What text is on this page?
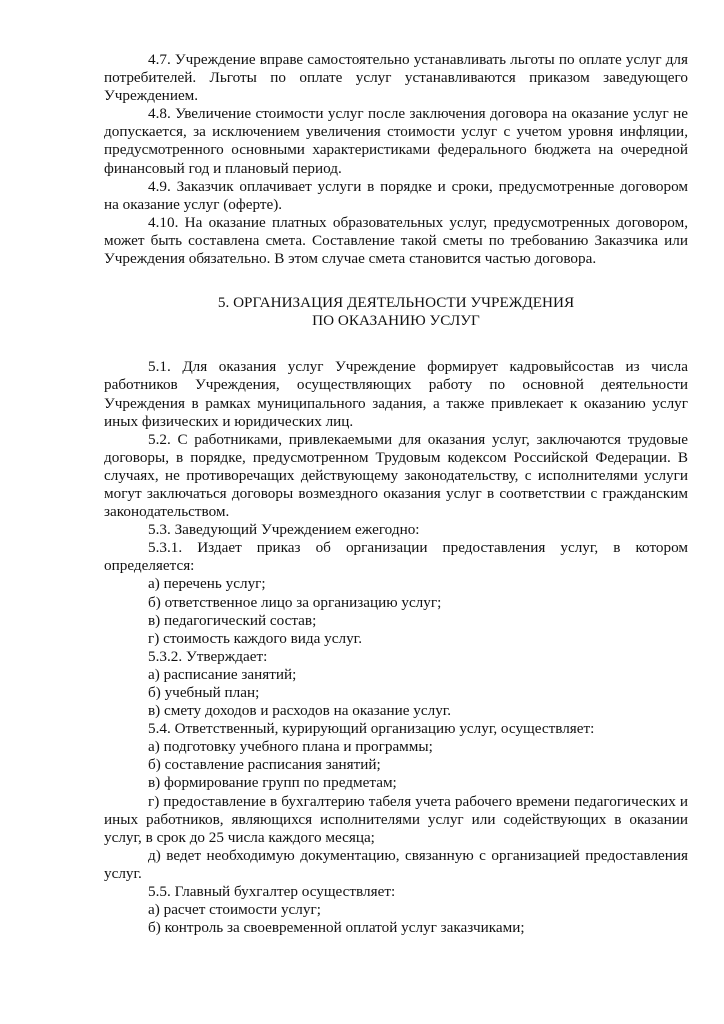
4.7. Учреждение вправе самостоятельно устанавливать льготы по оплате услуг для потребителей. Льготы по оплате услуг устанавливаются приказом заведующего Учреждением.

4.8. Увеличение стоимости услуг после заключения договора на оказание услуг не допускается, за исключением увеличения стоимости услуг с учетом уровня инфляции, предусмотренного основными характеристиками федерального бюджета на очередной финансовый год и плановый период.

4.9. Заказчик оплачивает услуги в порядке и сроки, предусмотренные договором на оказание услуг (оферте).

4.10. На оказание платных образовательных услуг, предусмотренных договором, может быть составлена смета. Составление такой сметы по требованию Заказчика или Учреждения обязательно. В этом случае смета становится частью договора.

5. ОРГАНИЗАЦИЯ ДЕЯТЕЛЬНОСТИ УЧРЕЖДЕНИЯ

ПО ОКАЗАНИЮ УСЛУГ

5.1. Для оказания услуг Учреждение формирует кадровыйсостав из числа работников Учреждения, осуществляющих работу по основной деятельности Учреждения в рамках муниципального задания, а также привлекает к оказанию услуг иных физических и юридических лиц.

5.2. С работниками, привлекаемыми для оказания услуг, заключаются трудовые договоры, в порядке, предусмотренном Трудовым кодексом Российской Федерации. В случаях, не противоречащих действующему законодательству, с исполнителями услуги могут заключаться договоры возмездного оказания услуг в соответствии с гражданским законодательством.

5.3. Заведующий Учреждением ежегодно:

5.3.1. Издает приказ об организации предоставления услуг, в котором определяется:

а) перечень услуг;

б) ответственное лицо за организацию услуг;

в) педагогический состав;

г) стоимость каждого вида услуг.

5.3.2. Утверждает:

а) расписание занятий;

б) учебный план;

в) смету доходов и расходов на оказание услуг.

5.4. Ответственный, курирующий организацию услуг, осуществляет:

а) подготовку учебного плана и программы;

б) составление расписания занятий;

в) формирование групп по предметам;

г) предоставление в бухгалтерию табеля учета рабочего времени педагогических и иных работников, являющихся исполнителями услуг или содействующих в оказании услуг, в срок до 25 числа каждого месяца;

д) ведет необходимую документацию, связанную с организацией предоставления услуг.

5.5. Главный бухгалтер осуществляет:

а) расчет стоимости услуг;

б) контроль за своевременной оплатой услуг заказчиками;
